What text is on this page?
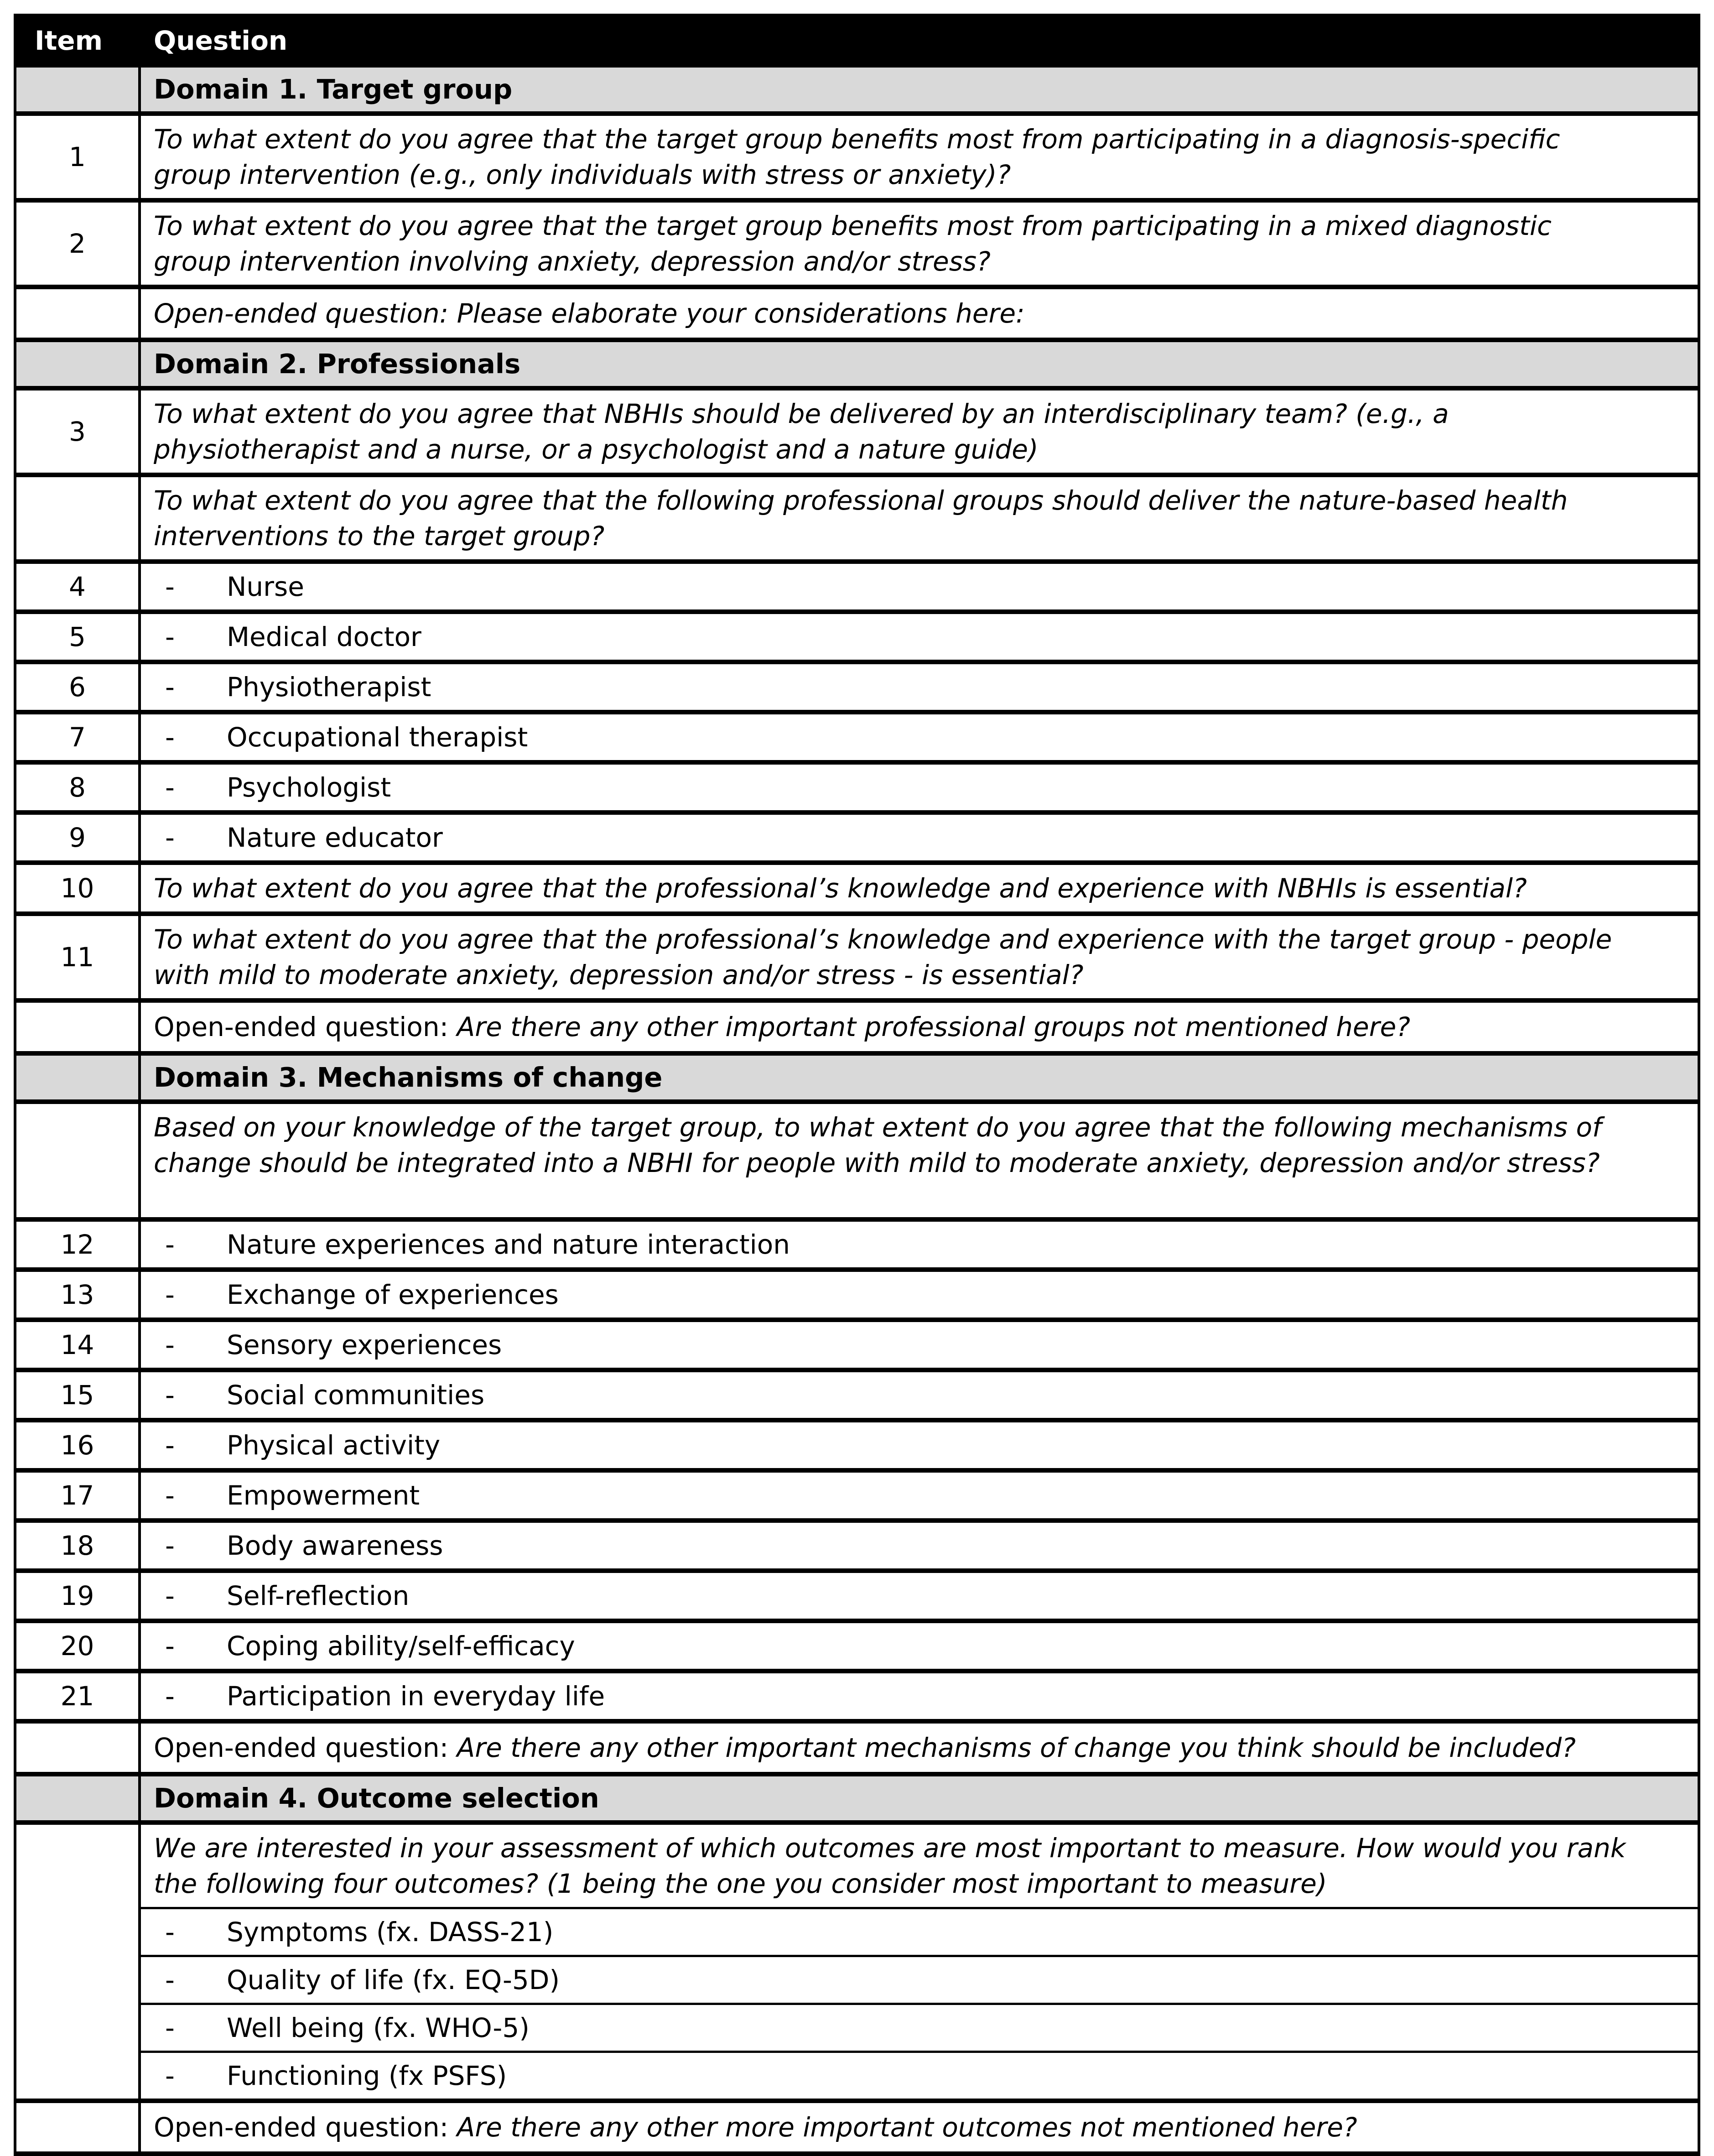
Item	Question
	Domain 1. Target group
1	To what extent do you agree that the target group benefits most from participating in a diagnosis-specific group intervention (e.g., only individuals with stress or anxiety)?
2	To what extent do you agree that the target group benefits most from participating in a mixed diagnostic group intervention involving anxiety, depression and/or stress?
	Open-ended question: Please elaborate your considerations here:
	Domain 2. Professionals
3	To what extent do you agree that NBHIs should be delivered by an interdisciplinary team? (e.g., a physiotherapist and a nurse, or a psychologist and a nature guide)
	To what extent do you agree that the following professional groups should deliver the nature-based health interventions to the target group?
4	- Nurse
5	- Medical doctor
6	- Physiotherapist
7	- Occupational therapist
8	- Psychologist
9	- Nature educator
10	To what extent do you agree that the professional’s knowledge and experience with NBHIs is essential?
11	To what extent do you agree that the professional’s knowledge and experience with the target group - people with mild to moderate anxiety, depression and/or stress - is essential?
	Open-ended question: Are there any other important professional groups not mentioned here?
	Domain 3. Mechanisms of change
	Based on your knowledge of the target group, to what extent do you agree that the following mechanisms of change should be integrated into a NBHI for people with mild to moderate anxiety, depression and/or stress?
12	- Nature experiences and nature interaction
13	- Exchange of experiences
14	- Sensory experiences
15	- Social communities
16	- Physical activity
17	- Empowerment
18	- Body awareness
19	- Self-reflection
20	- Coping ability/self-efficacy
21	- Participation in everyday life
	Open-ended question: Are there any other important mechanisms of change you think should be included?
	Domain 4. Outcome selection

	We are interested in your assessment of which outcomes are most important to measure. How would you rank the following four outcomes? (1 being the one you consider most important to measure)
- Symptoms (fx. DASS-21)
- Quality of life (fx. EQ-5D)
- Well being (fx. WHO-5)
- Functioning (fx PSFS)

	Open-ended question: Are there any other more important outcomes not mentioned here?
